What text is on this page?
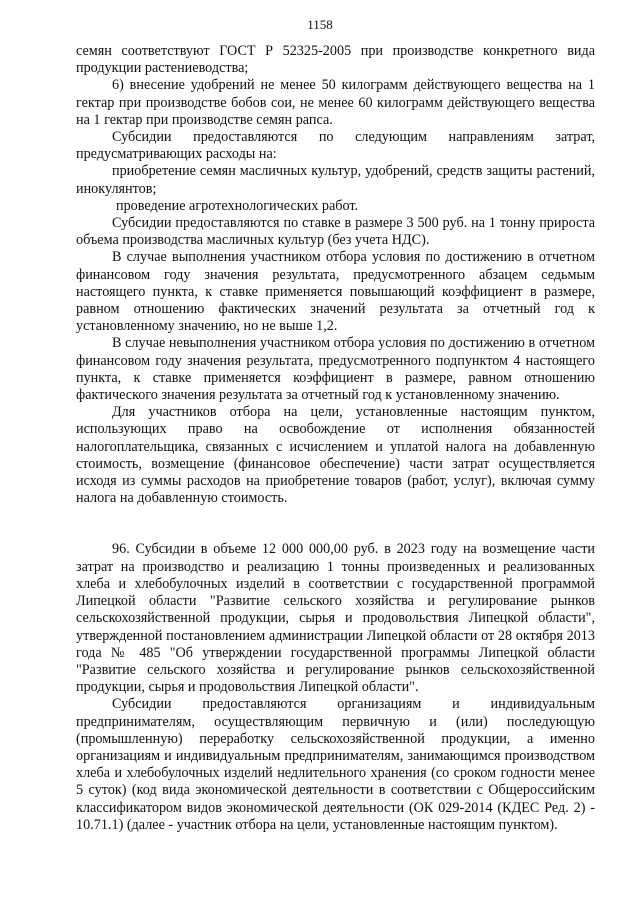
1158

семян соответствуют ГОСТ Р 52325-2005 при производстве конкретного вида продукции растениеводства;

6) внесение удобрений не менее 50 килограмм действующего вещества на 1 гектар при производстве бобов сои, не менее 60 килограмм действующего вещества на 1 гектар при производстве семян рапса.

Субсидии предоставляются по следующим направлениям затрат, предусматривающих расходы на:

приобретение семян масличных культур, удобрений, средств защиты растений, инокулянтов;

проведение агротехнологических работ.

Субсидии предоставляются по ставке в размере 3 500 руб. на 1 тонну прироста объема производства масличных культур (без учета НДС).

В случае выполнения участником отбора условия по достижению в отчетном финансовом году значения результата, предусмотренного абзацем седьмым настоящего пункта, к ставке применяется повышающий коэффициент в размере, равном отношению фактических значений результата за отчетный год к установленному значению, но не выше 1,2.

В случае невыполнения участником отбора условия по достижению в отчетном финансовом году значения результата, предусмотренного подпунктом 4 настоящего пункта, к ставке применяется коэффициент в размере, равном отношению фактического значения результата за отчетный год к установленному значению.

Для участников отбора на цели, установленные настоящим пунктом, использующих право на освобождение от исполнения обязанностей налогоплательщика, связанных с исчислением и уплатой налога на добавленную стоимость, возмещение (финансовое обеспечение) части затрат осуществляется исходя из суммы расходов на приобретение товаров (работ, услуг), включая сумму налога на добавленную стоимость.

96. Субсидии в объеме 12 000 000,00 руб. в 2023 году на возмещение части затрат на производство и реализацию 1 тонны произведенных и реализованных хлеба и хлебобулочных изделий в соответствии с государственной программой Липецкой области "Развитие сельского хозяйства и регулирование рынков сельскохозяйственной продукции, сырья и продовольствия Липецкой области", утвержденной постановлением администрации Липецкой области от 28 октября 2013 года № 485 "Об утверждении государственной программы Липецкой области "Развитие сельского хозяйства и регулирование рынков сельскохозяйственной продукции, сырья и продовольствия Липецкой области".

Субсидии предоставляются организациям и индивидуальным предпринимателям, осуществляющим первичную и (или) последующую (промышленную) переработку сельскохозяйственной продукции, а именно организациям и индивидуальным предпринимателям, занимающимся производством хлеба и хлебобулочных изделий недлительного хранения (со сроком годности менее 5 суток) (код вида экономической деятельности в соответствии с Общероссийским классификатором видов экономической деятельности (ОК 029-2014 (КДЕС Ред. 2) - 10.71.1) (далее - участник отбора на цели, установленные настоящим пунктом).
